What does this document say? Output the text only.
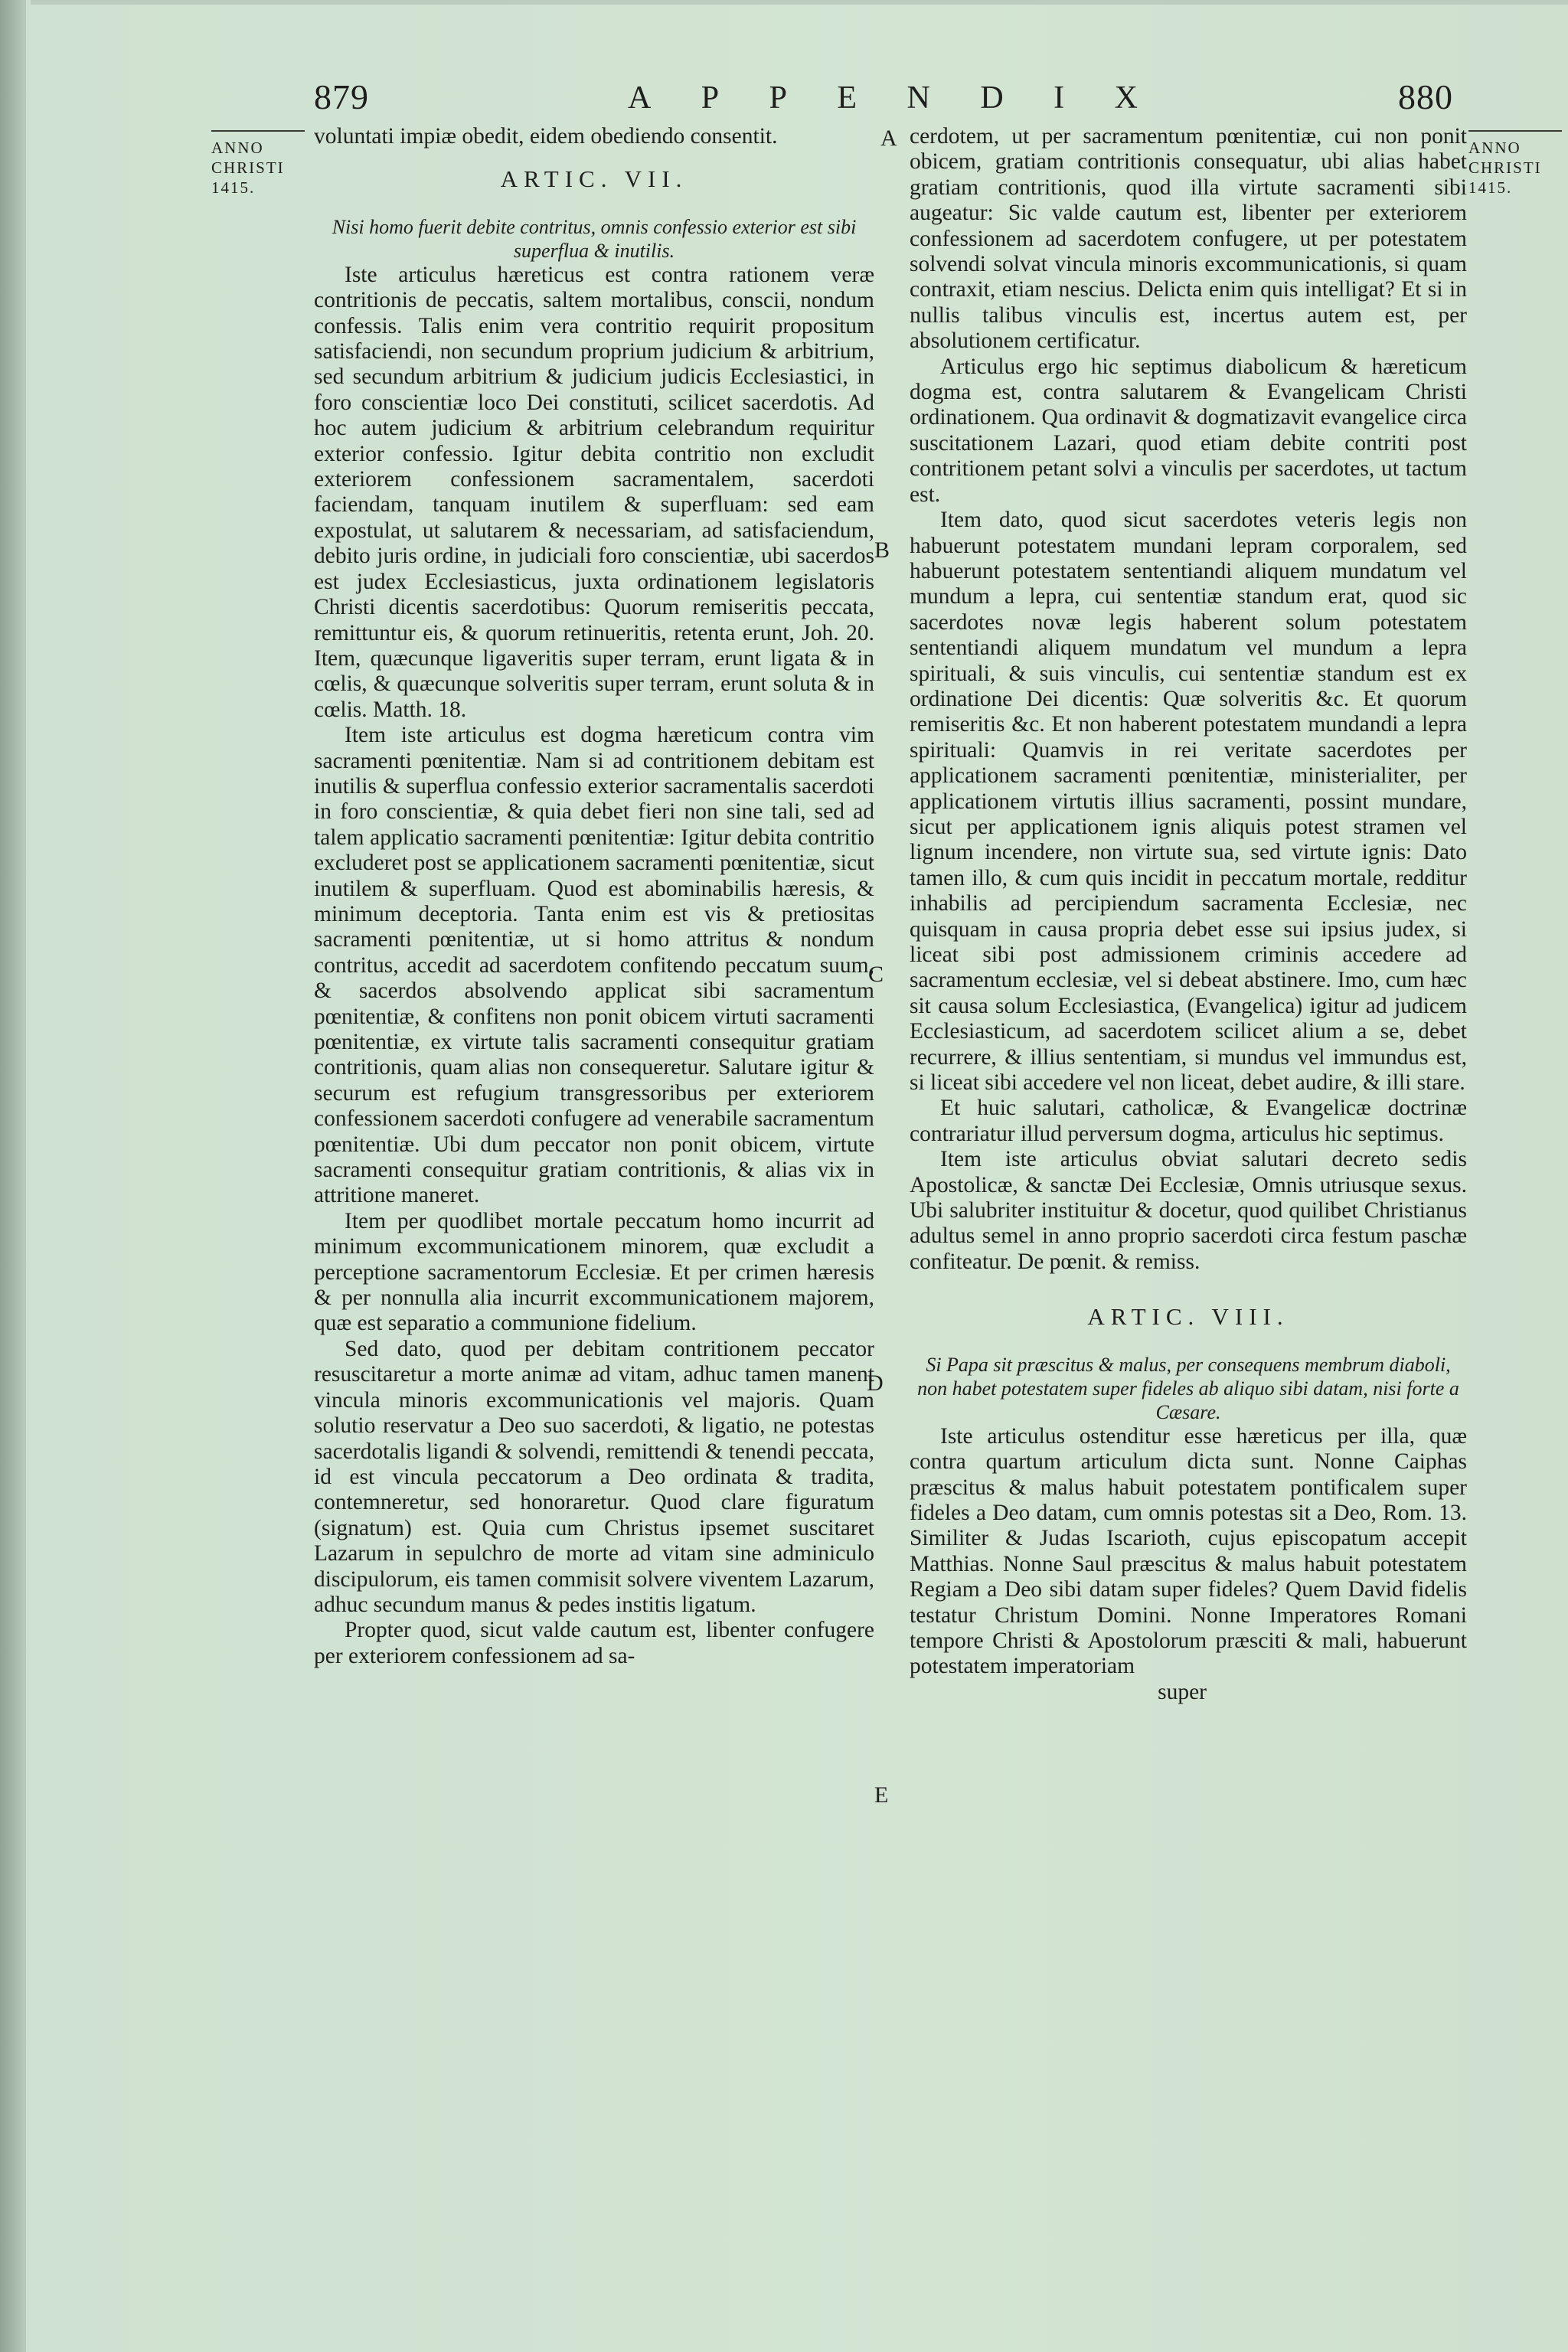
879	A P P E N D I X	880
ANNO
CHRISTI
1415.
ANNO
CHRISTI
1415.
A
B
C
D
E

voluntati impiæ obedit, eidem obediendo consentit.

ARTIC. VII.

Nisi homo fuerit debite contritus, omnis confessio exterior est sibi superflua & inutilis.

Iste articulus hæreticus est contra rationem veræ contritionis de peccatis, saltem mortalibus, conscii, nondum confessis. Talis enim vera contritio requirit propositum satisfaciendi, non secundum proprium judicium & arbitrium, sed secundum arbitrium & judicium judicis Ecclesiastici, in foro conscientiæ loco Dei constituti, scilicet sacerdotis. Ad hoc autem judicium & arbitrium celebrandum requiritur exterior confessio. Igitur debita contritio non excludit exteriorem confessionem sacramentalem, sacerdoti faciendam, tanquam inutilem & superfluam: sed eam expostulat, ut salutarem & necessariam, ad satisfaciendum, debito juris ordine, in judiciali foro conscientiæ, ubi sacerdos est judex Ecclesiasticus, juxta ordinationem legislatoris Christi dicentis sacerdotibus: Quorum remiseritis peccata, remittuntur eis, & quorum retinueritis, retenta erunt, Joh. 20. Item, quæcunque ligaveritis super terram, erunt ligata & in cœlis, & quæcunque solveritis super terram, erunt soluta & in cœlis. Matth. 18.

Item iste articulus est dogma hæreticum contra vim sacramenti pœnitentiæ. Nam si ad contritionem debitam est inutilis & superflua confessio exterior sacramentalis sacerdoti in foro conscientiæ, & quia debet fieri non sine tali, sed ad talem applicatio sacramenti pœnitentiæ: Igitur debita contritio excluderet post se applicationem sacramenti pœnitentiæ, sicut inutilem & superfluam. Quod est abominabilis hæresis, & minimum deceptoria. Tanta enim est vis & pretiositas sacramenti pœnitentiæ, ut si homo attritus & nondum contritus, accedit ad sacerdotem confitendo peccatum suum, & sacerdos absolvendo applicat sibi sacramentum pœnitentiæ, & confitens non ponit obicem virtuti sacramenti pœnitentiæ, ex virtute talis sacramenti consequitur gratiam contritionis, quam alias non consequeretur. Salutare igitur & securum est refugium transgressoribus per exteriorem confessionem sacerdoti confugere ad venerabile sacramentum pœnitentiæ. Ubi dum peccator non ponit obicem, virtute sacramenti consequitur gratiam contritionis, & alias vix in attritione maneret.

Item per quodlibet mortale peccatum homo incurrit ad minimum excommunicationem minorem, quæ excludit a perceptione sacramentorum Ecclesiæ. Et per crimen hæresis & per nonnulla alia incurrit excommunicationem majorem, quæ est separatio a communione fidelium.

Sed dato, quod per debitam contritionem peccator resuscitaretur a morte animæ ad vitam, adhuc tamen manent vincula minoris excommunicationis vel majoris. Quam solutio reservatur a Deo suo sacerdoti, & ligatio, ne potestas sacerdotalis ligandi & solvendi, remittendi & tenendi peccata, id est vincula peccatorum a Deo ordinata & tradita, contemneretur, sed honoraretur. Quod clare figuratum (signatum) est. Quia cum Christus ipsemet suscitaret Lazarum in sepulchro de morte ad vitam sine adminiculo discipulorum, eis tamen commisit solvere viventem Lazarum, adhuc secundum manus & pedes institis ligatum.

Propter quod, sicut valde cautum est, libenter confugere per exteriorem confessionem ad sa-

cerdotem, ut per sacramentum pœnitentiæ, cui non ponit obicem, gratiam contritionis consequatur, ubi alias habet gratiam contritionis, quod illa virtute sacramenti sibi augeatur: Sic valde cautum est, libenter per exteriorem confessionem ad sacerdotem confugere, ut per potestatem solvendi solvat vincula minoris excommunicationis, si quam contraxit, etiam nescius. Delicta enim quis intelligat? Et si in nullis talibus vinculis est, incertus autem est, per absolutionem certificatur.

Articulus ergo hic septimus diabolicum & hæreticum dogma est, contra salutarem & Evangelicam Christi ordinationem. Qua ordinavit & dogmatizavit evangelice circa suscitationem Lazari, quod etiam debite contriti post contritionem petant solvi a vinculis per sacerdotes, ut tactum est.

Item dato, quod sicut sacerdotes veteris legis non habuerunt potestatem mundani lepram corporalem, sed habuerunt potestatem sententiandi aliquem mundatum vel mundum a lepra, cui sententiæ standum erat, quod sic sacerdotes novæ legis haberent solum potestatem sententiandi aliquem mundatum vel mundum a lepra spirituali, & suis vinculis, cui sententiæ standum est ex ordinatione Dei dicentis: Quæ solveritis &c. Et quorum remiseritis &c. Et non haberent potestatem mundandi a lepra spirituali: Quamvis in rei veritate sacerdotes per applicationem sacramenti pœnitentiæ, ministerialiter, per applicationem virtutis illius sacramenti, possint mundare, sicut per applicationem ignis aliquis potest stramen vel lignum incendere, non virtute sua, sed virtute ignis: Dato tamen illo, & cum quis incidit in peccatum mortale, redditur inhabilis ad percipiendum sacramenta Ecclesiæ, nec quisquam in causa propria debet esse sui ipsius judex, si liceat sibi post admissionem criminis accedere ad sacramentum ecclesiæ, vel si debeat abstinere. Imo, cum hæc sit causa solum Ecclesiastica, (Evangelica) igitur ad judicem Ecclesiasticum, ad sacerdotem scilicet alium a se, debet recurrere, & illius sententiam, si mundus vel immundus est, si liceat sibi accedere vel non liceat, debet audire, & illi stare.

Et huic salutari, catholicæ, & Evangelicæ doctrinæ contrariatur illud perversum dogma, articulus hic septimus.

Item iste articulus obviat salutari decreto sedis Apostolicæ, & sanctæ Dei Ecclesiæ, Omnis utriusque sexus. Ubi salubriter instituitur & docetur, quod quilibet Christianus adultus semel in anno proprio sacerdoti circa festum paschæ confiteatur. De pœnit. & remiss.

ARTIC. VIII.

Si Papa sit præscitus & malus, per consequens membrum diaboli, non habet potestatem super fideles ab aliquo sibi datam, nisi forte a Cæsare.

Iste articulus ostenditur esse hæreticus per illa, quæ contra quartum articulum dicta sunt. Nonne Caiphas præscitus & malus habuit potestatem pontificalem super fideles a Deo datam, cum omnis potestas sit a Deo, Rom. 13. Similiter & Judas Iscarioth, cujus episcopatum accepit Matthias. Nonne Saul præscitus & malus habuit potestatem Regiam a Deo sibi datam super fideles? Quem David fidelis testatur Christum Domini. Nonne Imperatores Romani tempore Christi & Apostolorum præsciti & mali, habuerunt potestatem imperatoriam

super
